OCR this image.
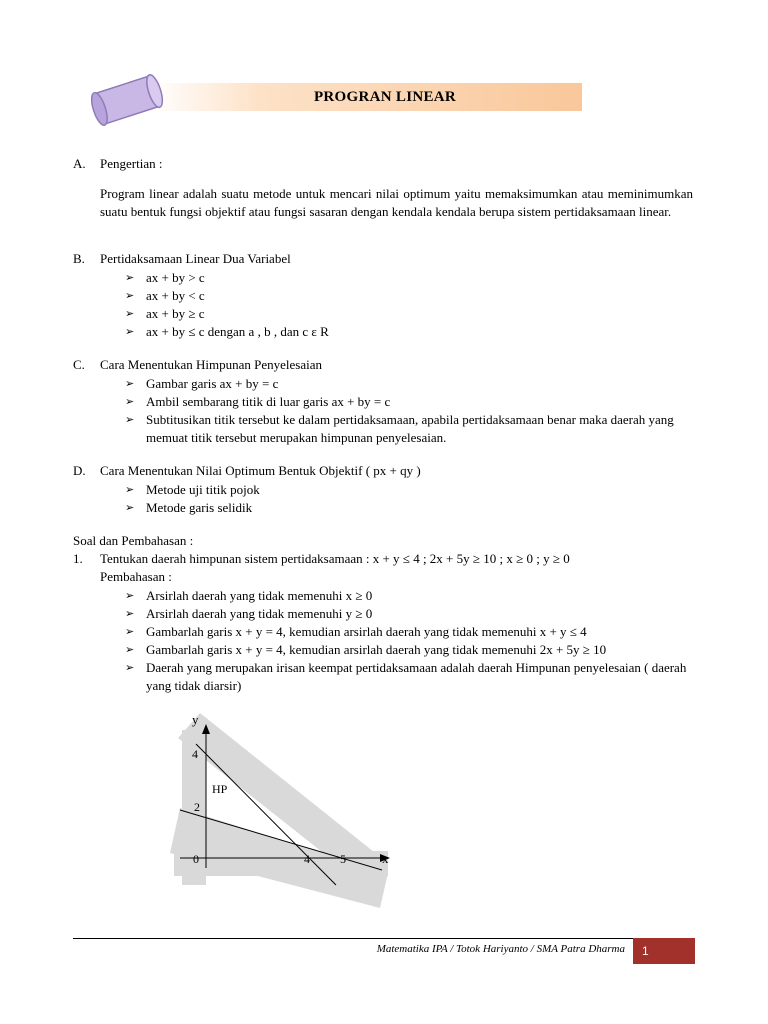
PROGRAN LINEAR
A. Pengertian :
Program linear adalah suatu metode untuk mencari nilai optimum yaitu memaksimumkan atau meminimumkan suatu bentuk fungsi objektif atau fungsi sasaran dengan kendala kendala berupa sistem pertidaksamaan linear.
B. Pertidaksamaan Linear Dua Variabel
➢ ax + by > c
➢ ax + by < c
➢ ax + by ≥ c
➢ ax + by ≤ c dengan a , b , dan c ε R
C. Cara Menentukan Himpunan Penyelesaian
➢ Gambar garis ax + by = c
➢ Ambil sembarang titik di luar garis ax + by = c
➢ Subtitusikan titik tersebut ke dalam pertidaksamaan, apabila pertidaksamaan benar maka daerah yang memuat titik tersebut merupakan himpunan penyelesaian.
D. Cara Menentukan Nilai Optimum Bentuk Objektif ( px + qy )
➢ Metode uji titik pojok
➢ Metode garis selidik
Soal dan Pembahasan :
1. Tentukan daerah himpunan sistem pertidaksamaan : x + y ≤ 4 ; 2x + 5y ≥ 10 ; x ≥ 0 ; y ≥ 0
Pembahasan :
➢ Arsirlah daerah yang tidak memenuhi x ≥ 0
➢ Arsirlah daerah yang tidak memenuhi y ≥ 0
➢ Gambarlah garis x + y = 4, kemudian arsirlah daerah yang tidak memenuhi x + y ≤ 4
➢ Gambarlah garis x + y = 4, kemudian arsirlah daerah yang tidak memenuhi 2x + 5y ≥ 10
➢ Daerah yang merupakan irisan keempat pertidaksamaan adalah daerah Himpunan penyelesaian ( daerah yang tidak diarsir)
y
x
4
2
0	4	5
HP
Matematika IPA / Totok Hariyanto / SMA Patra Dharma 1
